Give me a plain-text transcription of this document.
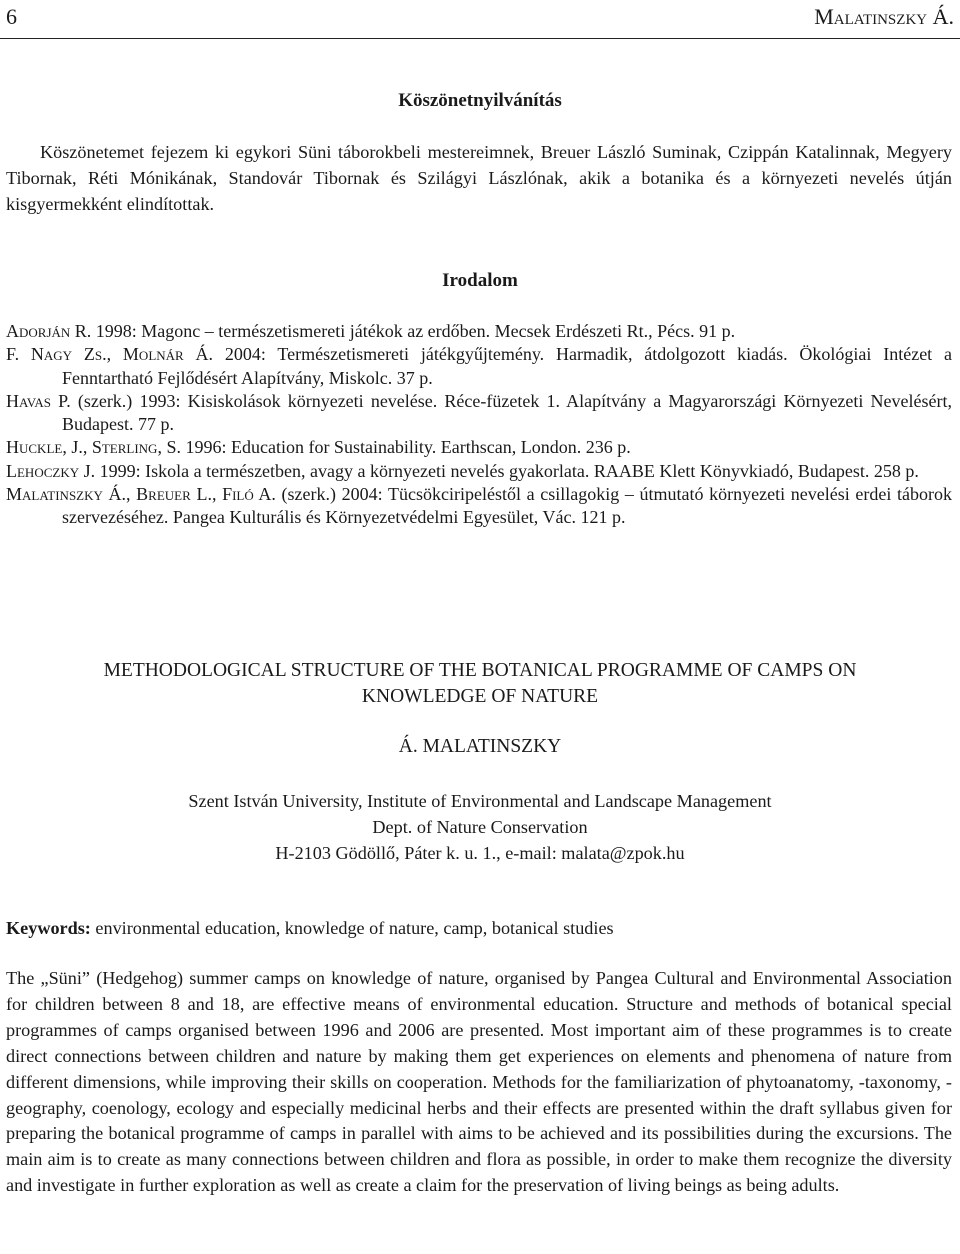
6	Malatinszky Á.
Köszönetnyilvánítás
Köszönetemet fejezem ki egykori Süni táborokbeli mestereimnek, Breuer László Suminak, Czippán Katalinnak, Megyery Tibornak, Réti Mónikának, Standovár Tibornak és Szilágyi Lászlónak, akik a botanika és a környezeti nevelés útján kisgyermekként elindítottak.
Irodalom
Adorján R. 1998: Magonc – természetismereti játékok az erdőben. Mecsek Erdészeti Rt., Pécs. 91 p.
F. Nagy Zs., Molnár Á. 2004: Természetismereti játékgyűjtemény. Harmadik, átdolgozott kiadás. Ökológiai Intézet a Fenntartható Fejlődésért Alapítvány, Miskolc. 37 p.
Havas P. (szerk.) 1993: Kisiskolások környezeti nevelése. Réce-füzetek 1. Alapítvány a Magyarországi Környezeti Nevelésért, Budapest. 77 p.
Huckle, J., Sterling, S. 1996: Education for Sustainability. Earthscan, London. 236 p.
Lehoczky J. 1999: Iskola a természetben, avagy a környezeti nevelés gyakorlata. RAABE Klett Könyvkiadó, Budapest. 258 p.
Malatinszky Á., Breuer L., Filó A. (szerk.) 2004: Tücsökciripeléstől a csillagokig – útmutató környezeti nevelési erdei táborok szervezéséhez. Pangea Kulturális és Környezetvédelmi Egyesület, Vác. 121 p.
METHODOLOGICAL STRUCTURE OF THE BOTANICAL PROGRAMME OF CAMPS ON
KNOWLEDGE OF NATURE
Á. MALATINSZKY
Szent István University, Institute of Environmental and Landscape Management
Dept. of Nature Conservation
H-2103 Gödöllő, Páter k. u. 1., e-mail: malata@zpok.hu
Keywords: environmental education, knowledge of nature, camp, botanical studies
The „Süni” (Hedgehog) summer camps on knowledge of nature, organised by Pangea Cultural and Environmental Association for children between 8 and 18, are effective means of environmental education. Structure and methods of botanical special programmes of camps organised between 1996 and 2006 are presented. Most important aim of these programmes is to create direct connections between children and nature by making them get experiences on elements and phenomena of nature from different dimensions, while improving their skills on cooperation. Methods for the familiarization of phytoanatomy, -taxonomy, -geography, coenology, ecology and especially medicinal herbs and their effects are presented within the draft syllabus given for preparing the botanical programme of camps in parallel with aims to be achieved and its possibilities during the excursions. The main aim is to create as many connections between children and flora as possible, in order to make them recognize the diversity and investigate in further exploration as well as create a claim for the preservation of living beings as being adults.
